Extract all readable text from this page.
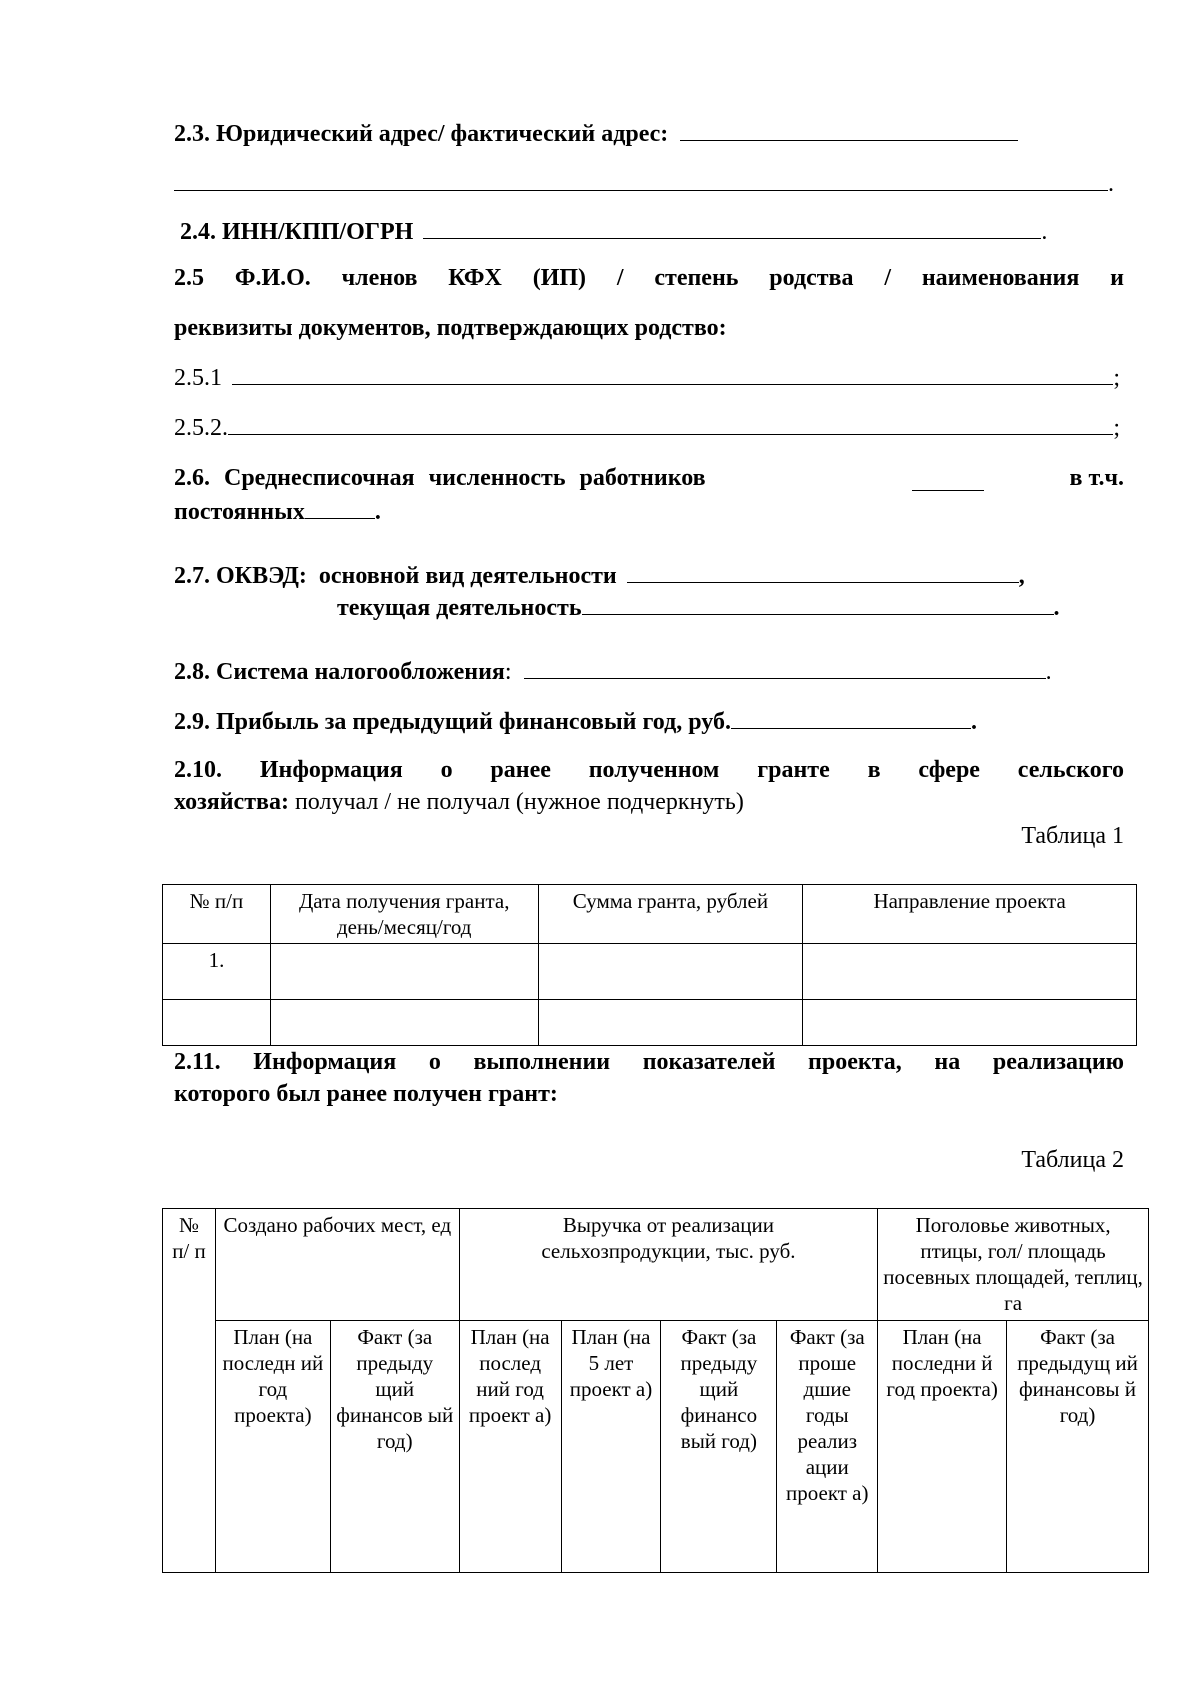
2.3. Юридический адрес/ фактический адрес:
.
2.4. ИНН/КПП/ОГРН	.
2.5 Ф.И.О. членов КФХ (ИП) / степень родства / наименования и
реквизиты документов, подтверждающих родство:
2.5.1	;
2.5.2.	;
2.6. Среднесписочная численность работников	в т.ч.
постоянных	.
2.7. ОКВЭД: основной вид деятельности	,
текущая деятельность	.
2.8. Система налогообложения:	.
2.9. Прибыль за предыдущий финансовый год, руб.	.
2.10. Информация о ранее полученном гранте в сфере сельского
хозяйства: получал / не получал (нужное подчеркнуть)
Таблица 1
№ п/п	Дата получения гранта, день/месяц/год	Сумма гранта, рублей	Направление проекта
1.			

2.11. Информация о выполнении показателей проекта, на реализацию
которого был ранее получен грант:
Таблица 2
№ п/ п	Создано рабочих мест, ед		Выручка от реализации сельхозпродукции, тыс. руб.				Поголовье животных, птицы, гол/ площадь посевных площадей, теплиц, га	
	План (на последн ий год проекта)	Факт (за предыду щий финансов ый год)	План (на послед ний год проект а)	План (на 5 лет проект а)	Факт (за предыду щий финансо вый год)	Факт (за проше дшие годы реализ ации проект а)	План (на последни й год проекта)	Факт (за предыдущ ий финансовы й год)
